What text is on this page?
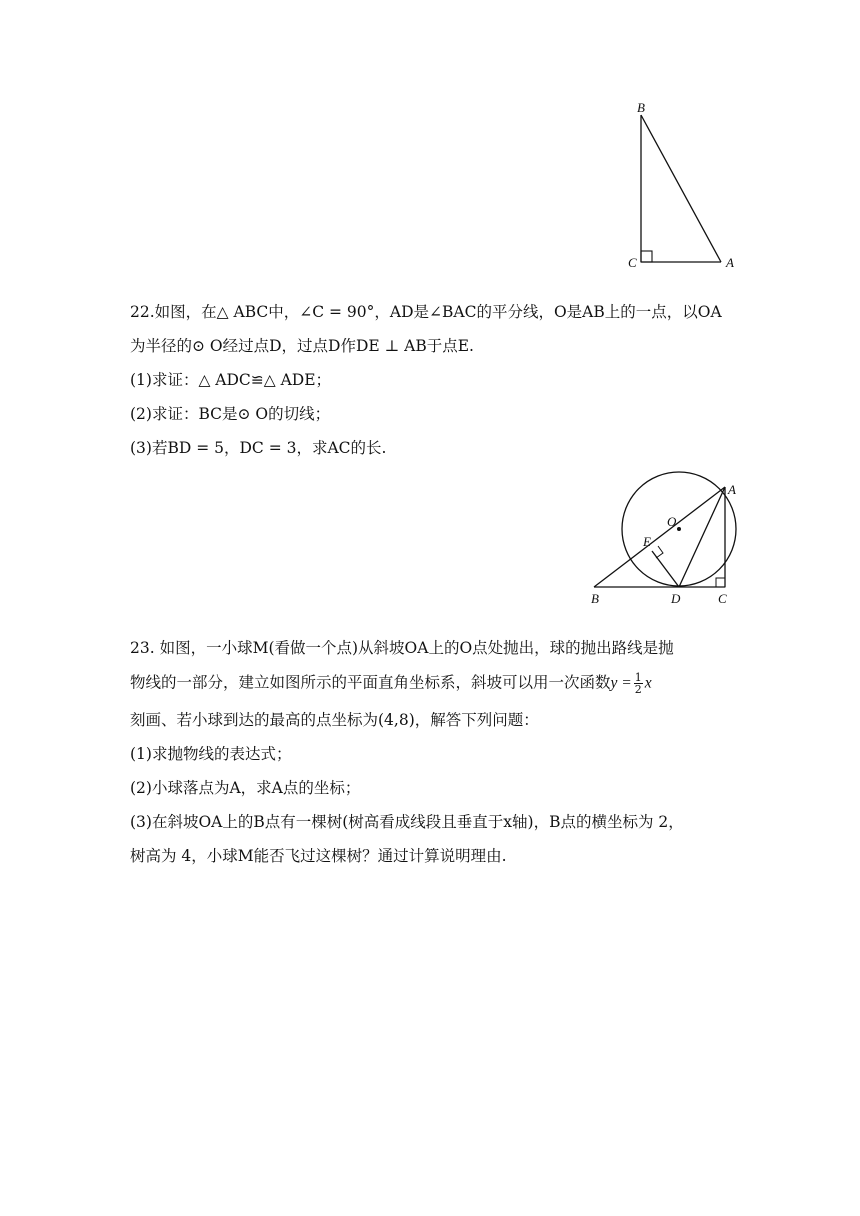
B
C	A
22.如图，在△ ABC中，∠C = 90°，AD是∠BAC的平分线，O是AB上的一点，以OA
为半径的⊙ O经过点D，过点D作DE ⊥ AB于点E.
(1)求证：△ ADC≌△ ADE；
(2)求证：BC是⊙ O的切线；
(3)若BD = 5，DC = 3，求AC的长.
A
O
E
B	D	C
23. 如图，一小球M(看做一个点)从斜坡OA上的O点处抛出，球的抛出路线是抛
物线的一部分，建立如图所示的平面直角坐标系，斜坡可以用一次函数$y = \frac{1}{2}$ x
刻画、若小球到达的最高的点坐标为(4,8)，解答下列问题：
(1)求抛物线的表达式；
(2)小球落点为A，求A点的坐标；
(3)在斜坡OA上的B点有一棵树(树高看成线段且垂直于x轴)，B点的横坐标为 2，
树高为 4，小球M能否飞过这棵树？通过计算说明理由.
